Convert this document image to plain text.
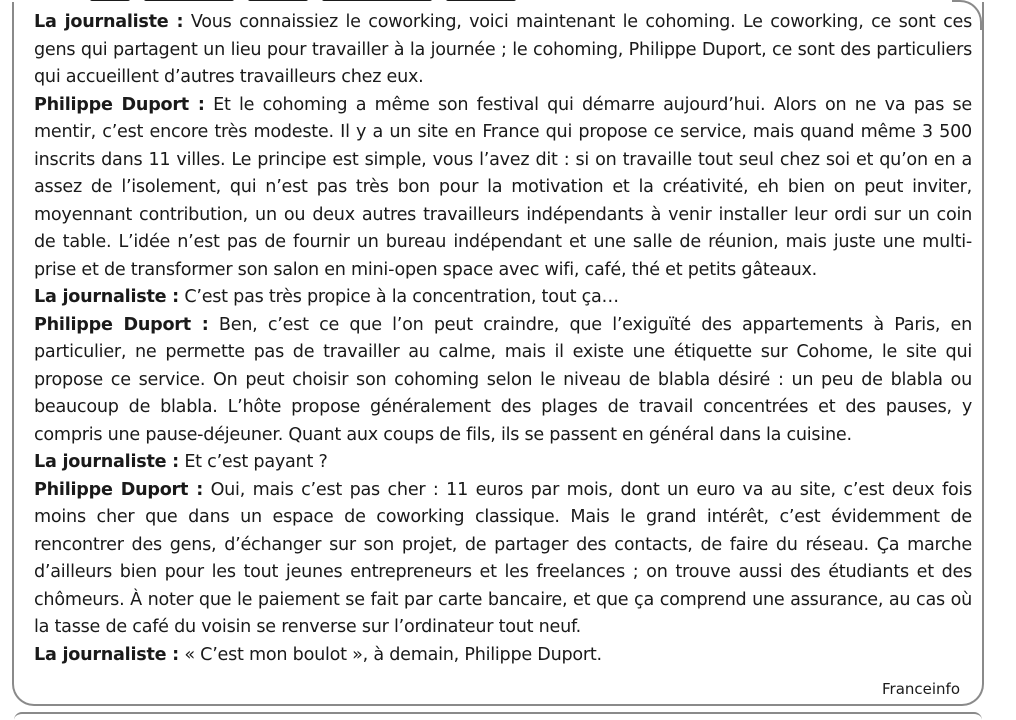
La journaliste : Vous connaissiez le coworking, voici maintenant le cohoming. Le coworking, ce sont ces gens qui partagent un lieu pour travailler à la journée ; le cohoming, Philippe Duport, ce sont des particuliers qui accueillent d’autres travailleurs chez eux.

Philippe Duport : Et le cohoming a même son festival qui démarre aujourd’hui. Alors on ne va pas se mentir, c’est encore très modeste. Il y a un site en France qui propose ce service, mais quand même 3 500 inscrits dans 11 villes. Le principe est simple, vous l’avez dit : si on travaille tout seul chez soi et qu’on en a assez de l’isolement, qui n’est pas très bon pour la motivation et la créativité, eh bien on peut inviter, moyennant contribution, un ou deux autres travailleurs indépendants à venir installer leur ordi sur un coin de table. L’idée n’est pas de fournir un bureau indépendant et une salle de réunion, mais juste une multi-prise et de transformer son salon en mini-open space avec wifi, café, thé et petits gâteaux.

La journaliste : C’est pas très propice à la concentration, tout ça…

Philippe Duport : Ben, c’est ce que l’on peut craindre, que l’exiguïté des appartements à Paris, en particulier, ne permette pas de travailler au calme, mais il existe une étiquette sur Cohome, le site qui propose ce service. On peut choisir son cohoming selon le niveau de blabla désiré : un peu de blabla ou beaucoup de blabla. L’hôte propose généralement des plages de travail concentrées et des pauses, y compris une pause-déjeuner. Quant aux coups de fils, ils se passent en général dans la cuisine.

La journaliste : Et c’est payant ?

Philippe Duport : Oui, mais c’est pas cher : 11 euros par mois, dont un euro va au site, c’est deux fois moins cher que dans un espace de coworking classique. Mais le grand intérêt, c’est évidemment de rencontrer des gens, d’échanger sur son projet, de partager des contacts, de faire du réseau. Ça marche d’ailleurs bien pour les tout jeunes entrepreneurs et les freelances ; on trouve aussi des étudiants et des chômeurs. À noter que le paiement se fait par carte bancaire, et que ça comprend une assurance, au cas où la tasse de café du voisin se renverse sur l’ordinateur tout neuf.

La journaliste : « C’est mon boulot », à demain, Philippe Duport.

Franceinfo
